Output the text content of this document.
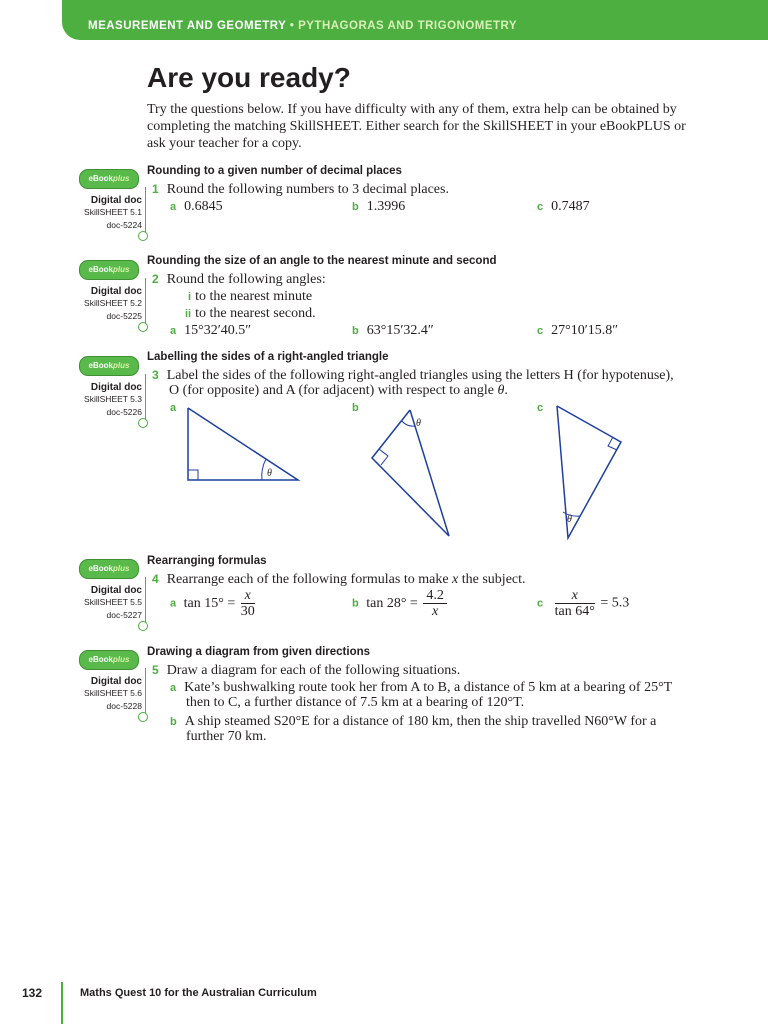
MEASUREMENT AND GEOMETRY • PYTHAGORAS AND TRIGONOMETRY
Are you ready?
Try the questions below. If you have difficulty with any of them, extra help can be obtained by completing the matching SkillSHEET. Either search for the SkillSHEET in your eBookPLUS or ask your teacher for a copy.
eBookplus
Digital doc
SkillSHEET 5.1
doc-5224
Rounding to a given number of decimal places
1 Round the following numbers to 3 decimal places.
a 0.6845	b 1.3996	c 0.7487
eBookplus
Digital doc
SkillSHEET 5.2
doc-5225
Rounding the size of an angle to the nearest minute and second
2 Round the following angles:
i to the nearest minute
ii to the nearest second.
a 15°32′40.5″	b 63°15′32.4″	c 27°10′15.8″
eBookplus
Digital doc
SkillSHEET 5.3
doc-5226
Labelling the sides of a right-angled triangle
3 Label the sides of the following right-angled triangles using the letters H (for hypotenuse),
O (for opposite) and A (for adjacent) with respect to angle θ.
a	b	c
θ
θ
θ
eBookplus
Digital doc
SkillSHEET 5.5
doc-5227
Rearranging formulas
4 Rearrange each of the following formulas to make x the subject.
a $\tan 15^\circ = \frac{x}{30}$	b $\tan 28^\circ = \frac{4.2}{x}$	c $\frac{x}{\tan 64^\circ} = 5.3$
eBookplus
Digital doc
SkillSHEET 5.6
doc-5228
Drawing a diagram from given directions
5 Draw a diagram for each of the following situations.
a Kate’s bushwalking route took her from A to B, a distance of 5 km at a bearing of 25°T
then to C, a further distance of 7.5 km at a bearing of 120°T.
b A ship steamed S20°E for a distance of 180 km, then the ship travelled N60°W for a
further 70 km.
132	Maths Quest 10 for the Australian Curriculum
